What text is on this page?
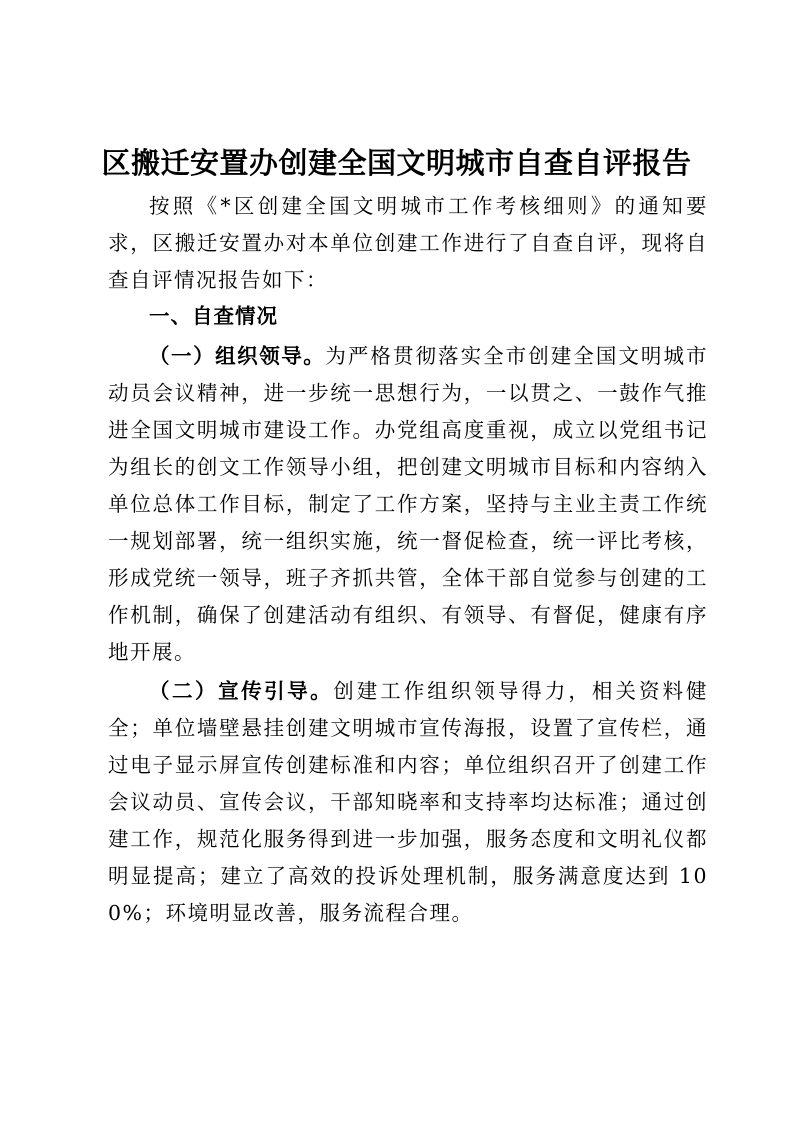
区搬迁安置办创建全国文明城市自查自评报告

按照《*区创建全国文明城市工作考核细则》的通知要求，区搬迁安置办对本单位创建工作进行了自查自评，现将自查自评情况报告如下：

一、自查情况

（一）组织领导。为严格贯彻落实全市创建全国文明城市动员会议精神，进一步统一思想行为，一以贯之、一鼓作气推进全国文明城市建设工作。办党组高度重视，成立以党组书记为组长的创文工作领导小组，把创建文明城市目标和内容纳入单位总体工作目标，制定了工作方案，坚持与主业主责工作统一规划部署，统一组织实施，统一督促检查，统一评比考核，形成党统一领导，班子齐抓共管，全体干部自觉参与创建的工作机制，确保了创建活动有组织、有领导、有督促，健康有序地开展。

（二）宣传引导。创建工作组织领导得力，相关资料健全；单位墙壁悬挂创建文明城市宣传海报，设置了宣传栏，通过电子显示屏宣传创建标准和内容；单位组织召开了创建工作会议动员、宣传会议，干部知晓率和支持率均达标准；通过创建工作，规范化服务得到进一步加强，服务态度和文明礼仪都明显提高；建立了高效的投诉处理机制，服务满意度达到 100%；环境明显改善，服务流程合理。
